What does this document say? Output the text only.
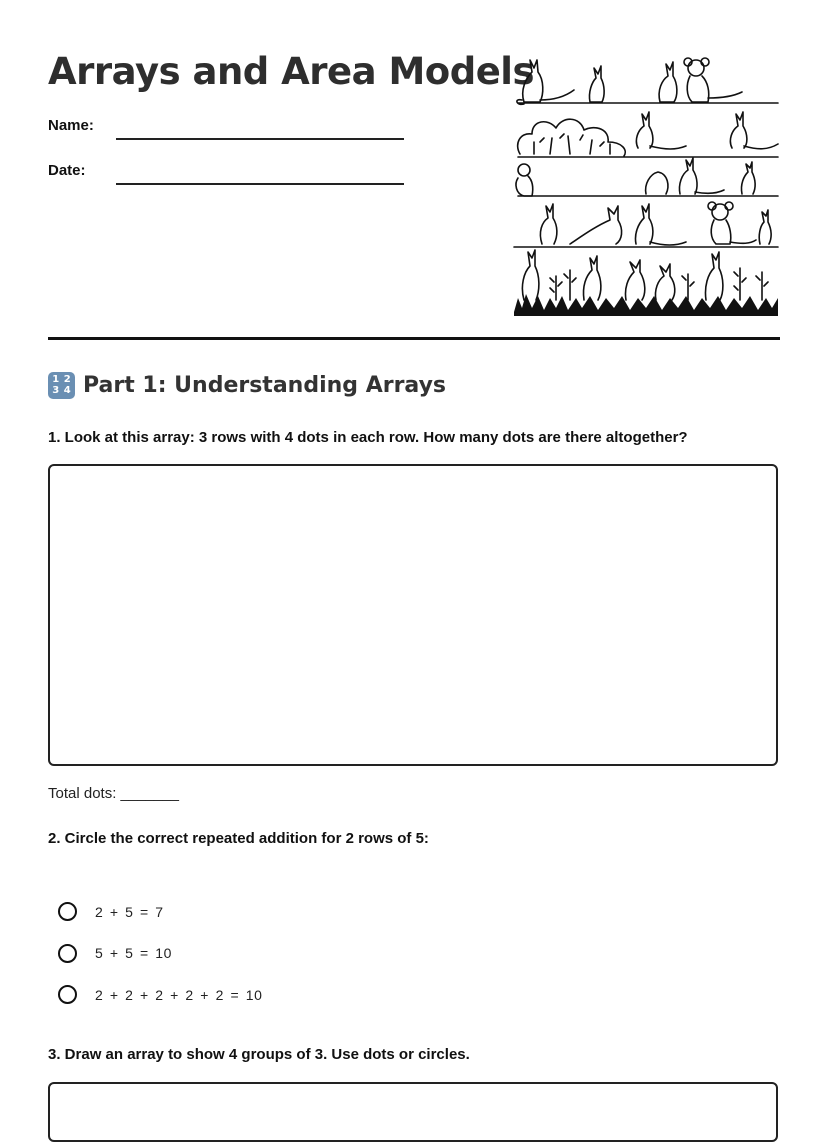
Arrays and Area Models
Name:
Date:
1 2
3 4 Part 1: Understanding Arrays

1. Look at this array: 3 rows with 4 dots in each row. How many dots are there altogether?

Total dots: _______

2. Circle the correct repeated addition for 2 rows of 5:

2 + 5 = 7
5 + 5 = 10
2 + 2 + 2 + 2 + 2 = 10

3. Draw an array to show 4 groups of 3. Use dots or circles.
